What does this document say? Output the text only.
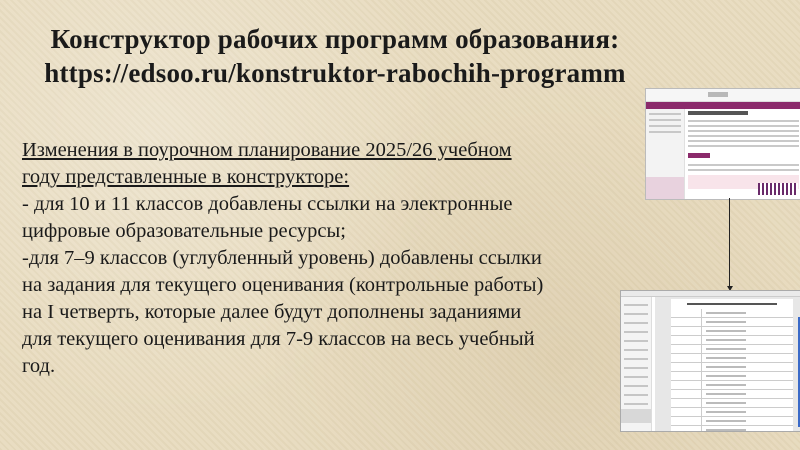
Конструктор рабочих программ образования:
https://edsoo.ru/konstruktor-rabochih-programm

Изменения в поурочном планирование 2025/26 учебном

году представленные в конструкторе:

- для 10 и 11 классов добавлены ссылки на электронные

цифровые образовательные ресурсы;

-для 7–9 классов (углубленный уровень) добавлены ссылки

на задания для текущего оценивания (контрольные работы)

на I четверть, которые далее будут дополнены заданиями

для текущего оценивания для 7-9 классов на весь учебный

год.
